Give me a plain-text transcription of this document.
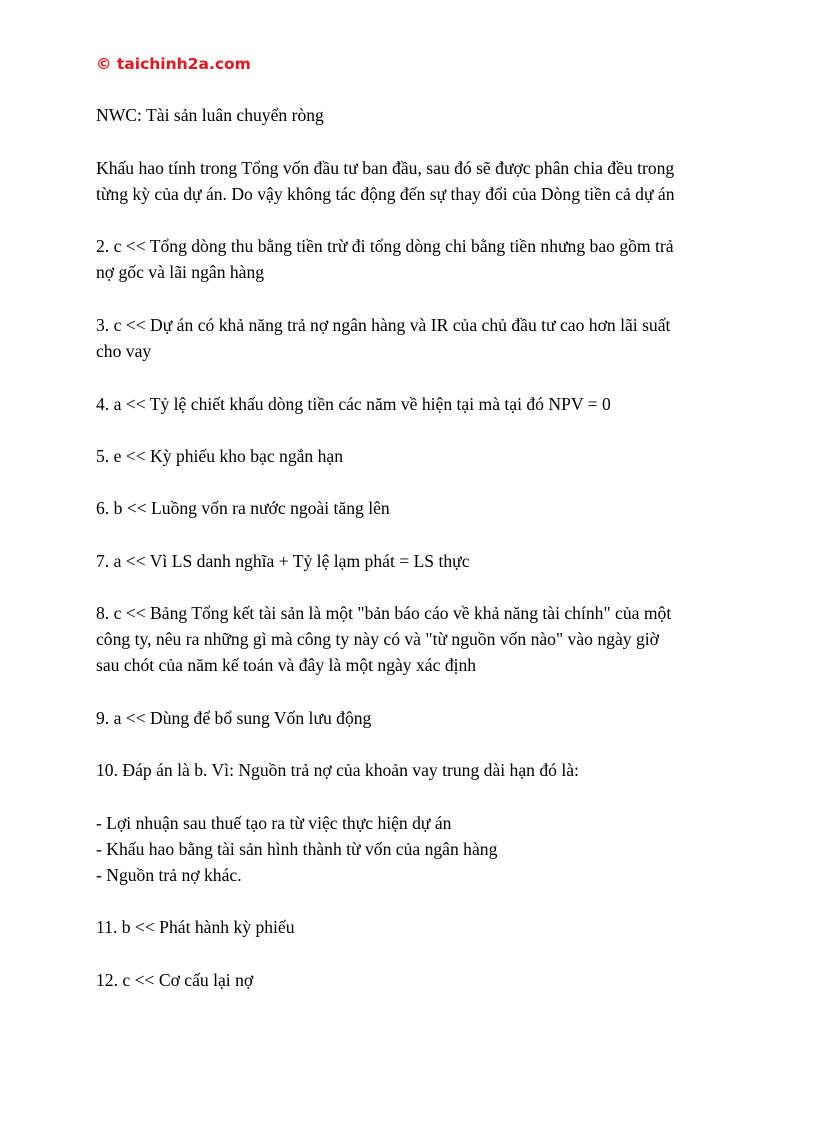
© taichinh2a.com
NWC: Tài sản luân chuyển ròng
Khấu hao tính trong Tổng vốn đầu tư ban đầu, sau đó sẽ được phân chia đều trong
từng kỳ của dự án. Do vậy không tác động đến sự thay đổi của Dòng tiền cả dự án
2. c << Tổng dòng thu bằng tiền trừ đi tổng dòng chi bằng tiền nhưng bao gồm trả
nợ gốc và lãi ngân hàng
3. c << Dự án có khả năng trả nợ ngân hàng và IR của chủ đầu tư cao hơn lãi suất
cho vay
4. a << Tỷ lệ chiết khấu dòng tiền các năm về hiện tại mà tại đó NPV = 0
5. e << Kỳ phiếu kho bạc ngắn hạn
6. b << Luồng vốn ra nước ngoài tăng lên
7. a << Vì LS danh nghĩa + Tỷ lệ lạm phát = LS thực
8. c << Bảng Tổng kết tài sản là một "bản báo cáo về khả năng tài chính" của một
công ty, nêu ra những gì mà công ty này có và "từ nguồn vốn nào" vào ngày giờ
sau chót của năm kế toán và đây là một ngày xác định
9. a << Dùng để bổ sung Vốn lưu động
10. Đáp án là b. Vì: Nguồn trả nợ của khoản vay trung dài hạn đó là:
- Lợi nhuận sau thuế tạo ra từ việc thực hiện dự án
- Khấu hao bằng tài sản hình thành từ vốn của ngân hàng
- Nguồn trả nợ khác.
11. b << Phát hành kỳ phiếu
12. c << Cơ cấu lại nợ
